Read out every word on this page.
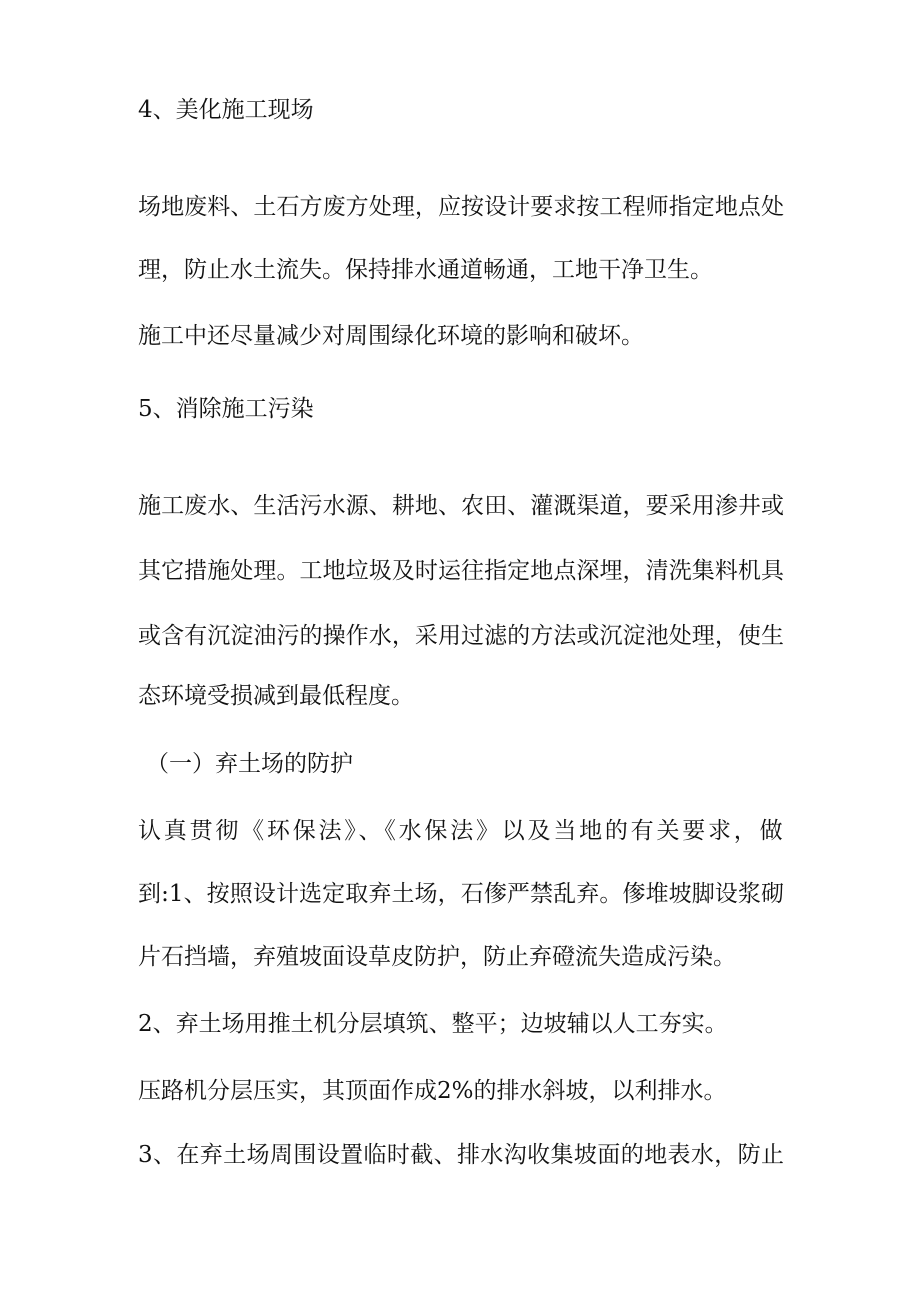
4、美化施工现场
场地废料、土石方废方处理，应按设计要求按工程师指定地点处
理，防止水土流失。保持排水通道畅通，工地干净卫生。
施工中还尽量减少对周围绿化环境的影响和破坏。
5、消除施工污染
施工废水、生活污水源、耕地、农田、灌溉渠道，要采用渗井或
其它措施处理。工地垃圾及时运往指定地点深埋，清洗集料机具
或含有沉淀油污的操作水，采用过滤的方法或沉淀池处理，使生
态环境受损减到最低程度。
（一）弃土场的防护
认真贯彻《环保法》、《水保法》以及当地的有关要求，做
到:1、按照设计选定取弃土场，石偧严禁乱弃。偧堆坡脚设浆砌
片石挡墙，弃殖坡面设草皮防护，防止弃磴流失造成污染。
2、弃土场用推土机分层填筑、整平；边坡辅以人工夯实。
压路机分层压实，其顶面作成2%的排水斜坡，以利排水。
3、在弃土场周围设置临时截、排水沟收集坡面的地表水，防止
